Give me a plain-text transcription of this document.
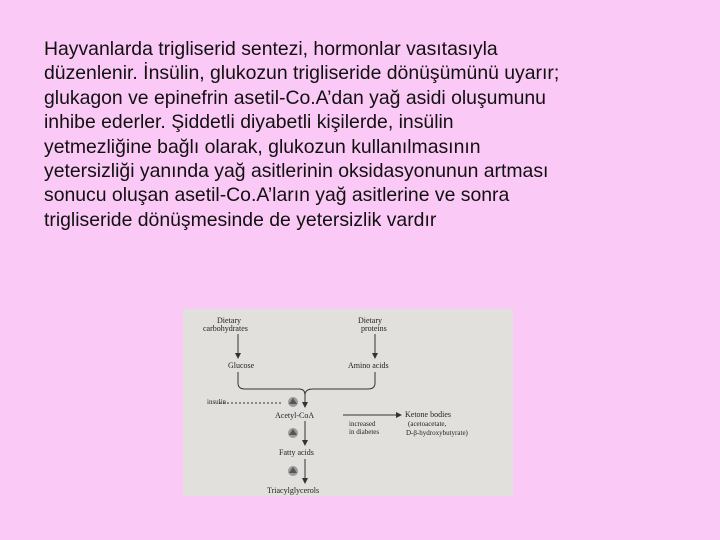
Hayvanlarda trigliserid sentezi, hormonlar vasıtasıyla
düzenlenir. İnsülin, glukozun trigliseride dönüşümünü uyarır;
glukagon ve epinefrin asetil-Co.A’dan yağ asidi oluşumunu
inhibe ederler. Şiddetli diyabetli kişilerde, insülin
yetmezliğine bağlı olarak, glukozun kullanılmasının
yetersizliği yanında yağ asitlerinin oksidasyonunun artması
sonucu oluşan asetil-Co.A’ların yağ asitlerine ve sonra
trigliseride dönüşmesinde de yetersizlik vardır
Dietary
carbohydrates
Dietary
proteins
Glucose	Amino acids
insulin
Acetyl-CoA	Ketone bodies
(acetoacetate,
D-β-hydroxybutyrate)
increased
in diabetes
Fatty acids
Triacylglycerols
